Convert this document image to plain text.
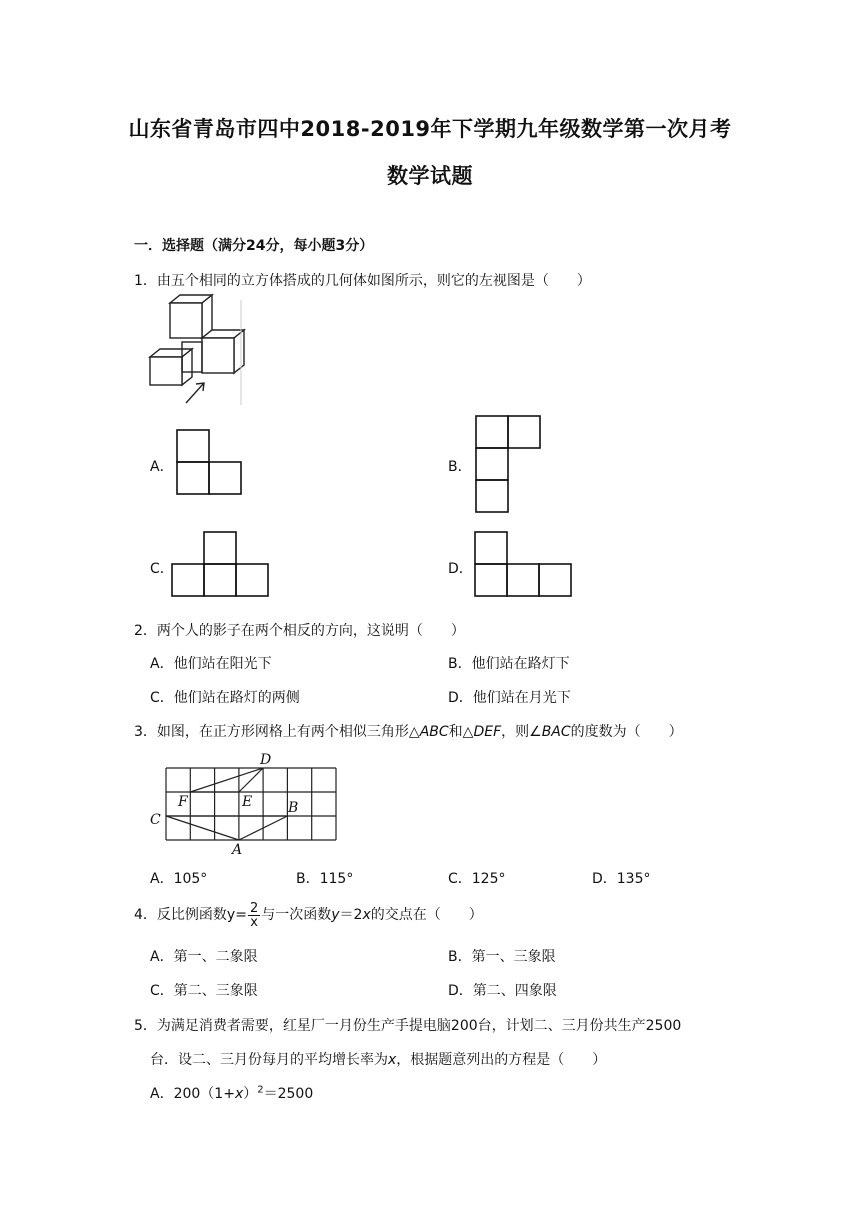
山东省青岛市四中2018-2019年下学期九年级数学第一次月考
数学试题
一．选择题（满分24分，每小题3分）
1．由五个相同的立方体搭成的几何体如图所示，则它的左视图是（　　）
A．	B．
C．	D．
2．两个人的影子在两个相反的方向，这说明（　　）
A．他们站在阳光下	B．他们站在路灯下
C．他们站在路灯的两侧	D．他们站在月光下
3．如图，在正方形网格上有两个相似三角形△ABC和△DEF，则∠BAC的度数为（　　）
D
F	E	B
C
A
A．105°	B．115°	C．125°	D．135°
4．反比例函数$y= \frac{2}{x}$ 与一次函数y＝2x的交点在（　　）
A．第一、二象限	B．第一、三象限
C．第二、三象限	D．第二、四象限
5．为满足消费者需要，红星厂一月份生产手提电脑200台，计划二、三月份共生产2500
台．设二、三月份每月的平均增长率为x，根据题意列出的方程是（　　）
A．$200(1+x)^2=2500$
